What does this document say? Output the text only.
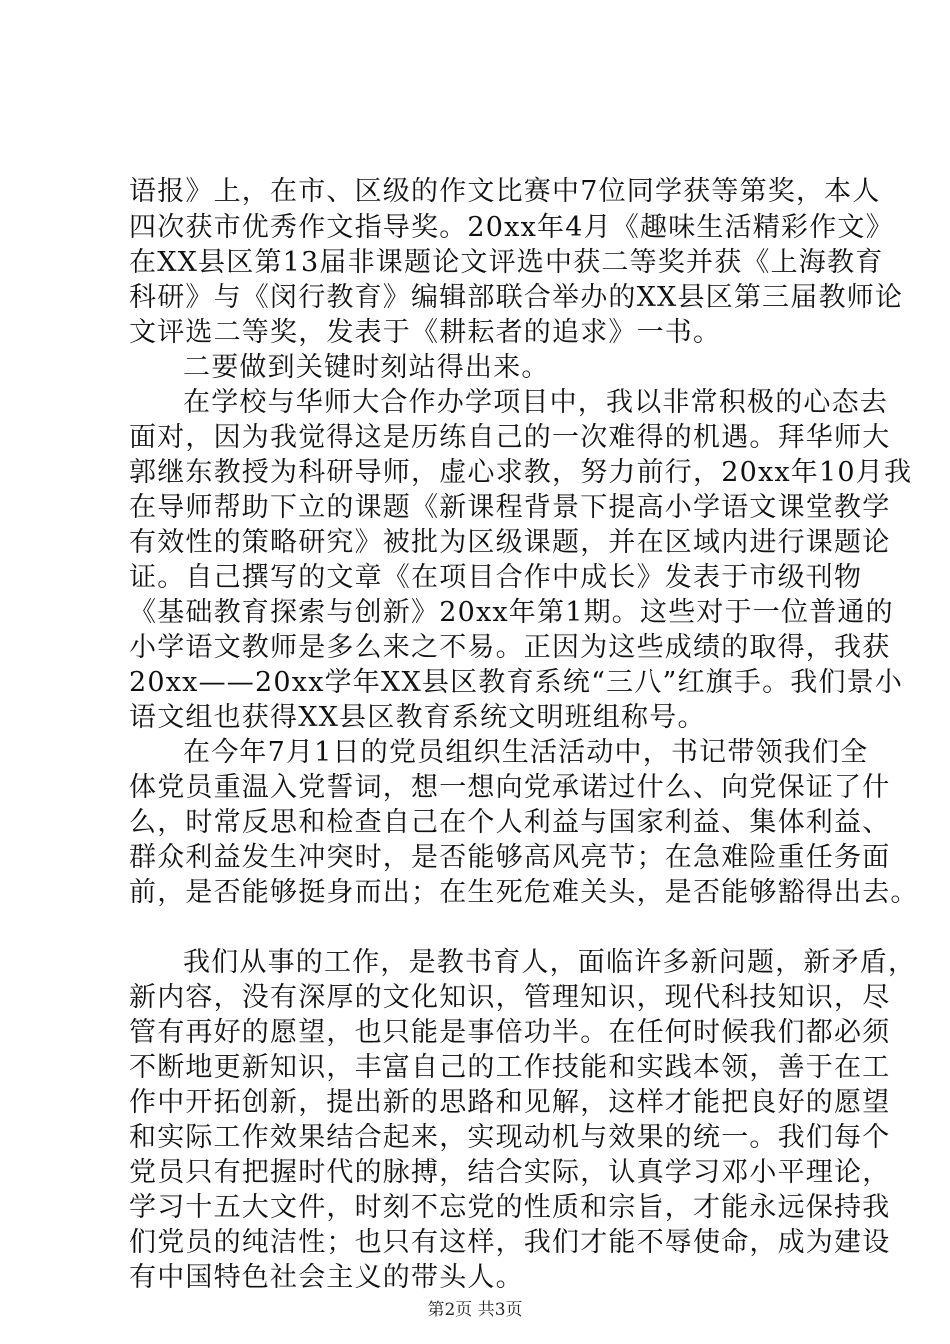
语报》上，在市、区级的作文比赛中7位同学获等第奖，本人
四次获市优秀作文指导奖。20xx年4月《趣味生活精彩作文》
在XX县区第13届非课题论文评选中获二等奖并获《上海教育
科研》与《闵行教育》编辑部联合举办的XX县区第三届教师论
文评选二等奖，发表于《耕耘者的追求》一书。
二要做到关键时刻站得出来。
在学校与华师大合作办学项目中，我以非常积极的心态去
面对，因为我觉得这是历练自己的一次难得的机遇。拜华师大
郭继东教授为科研导师，虚心求教，努力前行，20xx年10月我
在导师帮助下立的课题《新课程背景下提高小学语文课堂教学
有效性的策略研究》被批为区级课题，并在区域内进行课题论
证。自己撰写的文章《在项目合作中成长》发表于市级刊物
《基础教育探索与创新》20xx年第1期。这些对于一位普通的
小学语文教师是多么来之不易。正因为这些成绩的取得，我获
20xx——20xx学年XX县区教育系统“三八”红旗手。我们景小
语文组也获得XX县区教育系统文明班组称号。
在今年7月1日的党员组织生活活动中，书记带领我们全
体党员重温入党誓词，想一想向党承诺过什么、向党保证了什
么，时常反思和检查自己在个人利益与国家利益、集体利益、
群众利益发生冲突时，是否能够高风亮节；在急难险重任务面
前，是否能够挺身而出；在生死危难关头，是否能够豁得出去。
我们从事的工作，是教书育人，面临许多新问题，新矛盾，
新内容，没有深厚的文化知识，管理知识，现代科技知识，尽
管有再好的愿望，也只能是事倍功半。在任何时候我们都必须
不断地更新知识，丰富自己的工作技能和实践本领，善于在工
作中开拓创新，提出新的思路和见解，这样才能把良好的愿望
和实际工作效果结合起来，实现动机与效果的统一。我们每个
党员只有把握时代的脉搏，结合实际，认真学习邓小平理论，
学习十五大文件，时刻不忘党的性质和宗旨，才能永远保持我
们党员的纯洁性；也只有这样，我们才能不辱使命，成为建设
有中国特色社会主义的带头人。
第2页 共3页
